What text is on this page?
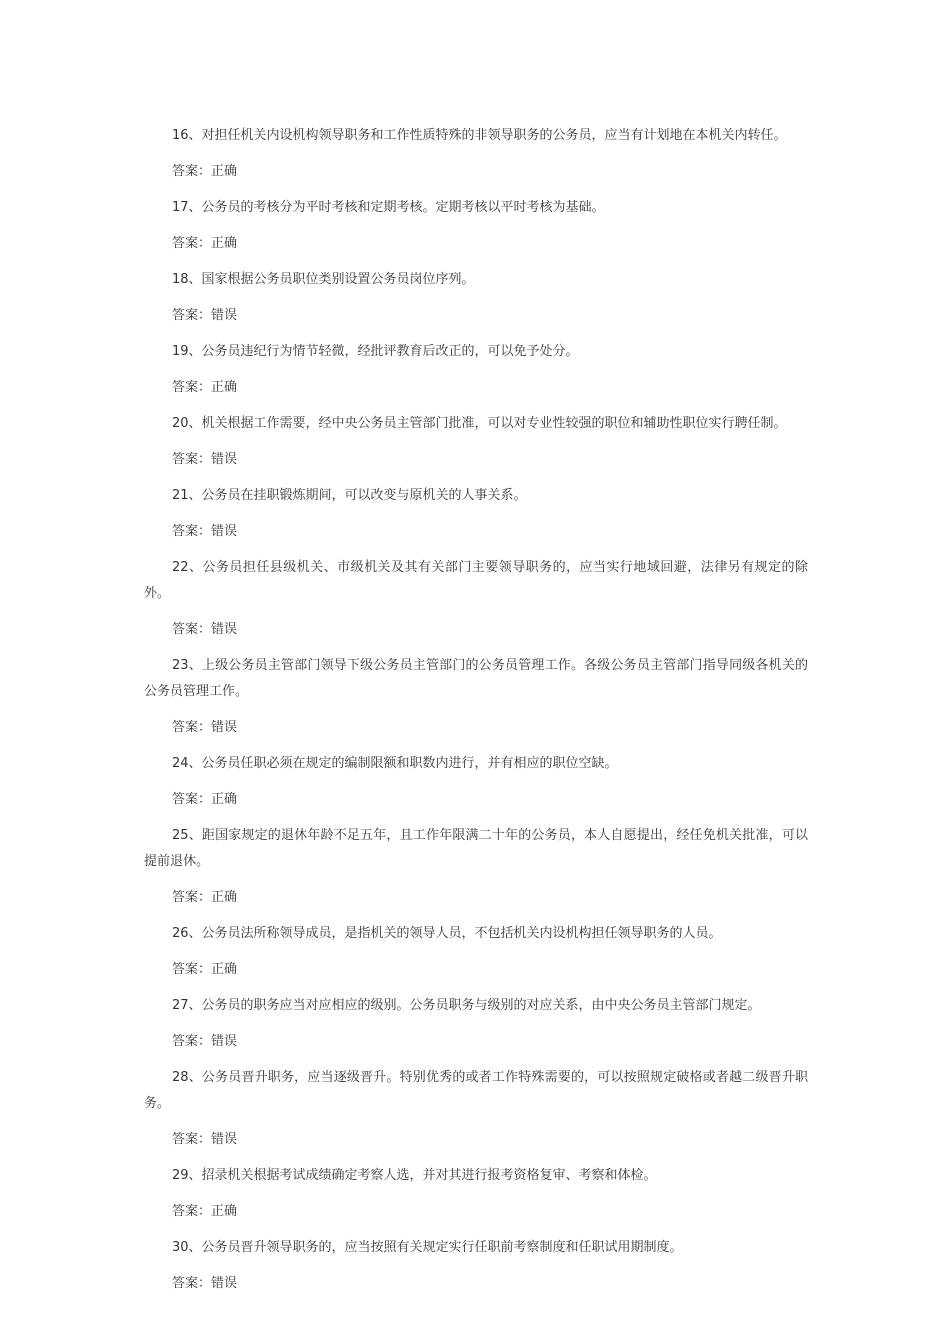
16、对担任机关内设机构领导职务和工作性质特殊的非领导职务的公务员，应当有计划地在本机关内转任。

答案：正确

17、公务员的考核分为平时考核和定期考核。定期考核以平时考核为基础。

答案：正确

18、国家根据公务员职位类别设置公务员岗位序列。

答案：错误

19、公务员违纪行为情节轻微，经批评教育后改正的，可以免予处分。

答案：正确

20、机关根据工作需要，经中央公务员主管部门批准，可以对专业性较强的职位和辅助性职位实行聘任制。

答案：错误

21、公务员在挂职锻炼期间，可以改变与原机关的人事关系。

答案：错误

22、公务员担任县级机关、市级机关及其有关部门主要领导职务的，应当实行地域回避，法律另有规定的除外。

答案：错误

23、上级公务员主管部门领导下级公务员主管部门的公务员管理工作。各级公务员主管部门指导同级各机关的公务员管理工作。

答案：错误

24、公务员任职必须在规定的编制限额和职数内进行，并有相应的职位空缺。

答案：正确

25、距国家规定的退休年龄不足五年，且工作年限满二十年的公务员，本人自愿提出，经任免机关批准，可以提前退休。

答案：正确

26、公务员法所称领导成员，是指机关的领导人员，不包括机关内设机构担任领导职务的人员。

答案：正确

27、公务员的职务应当对应相应的级别。公务员职务与级别的对应关系，由中央公务员主管部门规定。

答案：错误

28、公务员晋升职务，应当逐级晋升。特别优秀的或者工作特殊需要的，可以按照规定破格或者越二级晋升职务。

答案：错误

29、招录机关根据考试成绩确定考察人选，并对其进行报考资格复审、考察和体检。

答案：正确

30、公务员晋升领导职务的，应当按照有关规定实行任职前考察制度和任职试用期制度。

答案：错误
